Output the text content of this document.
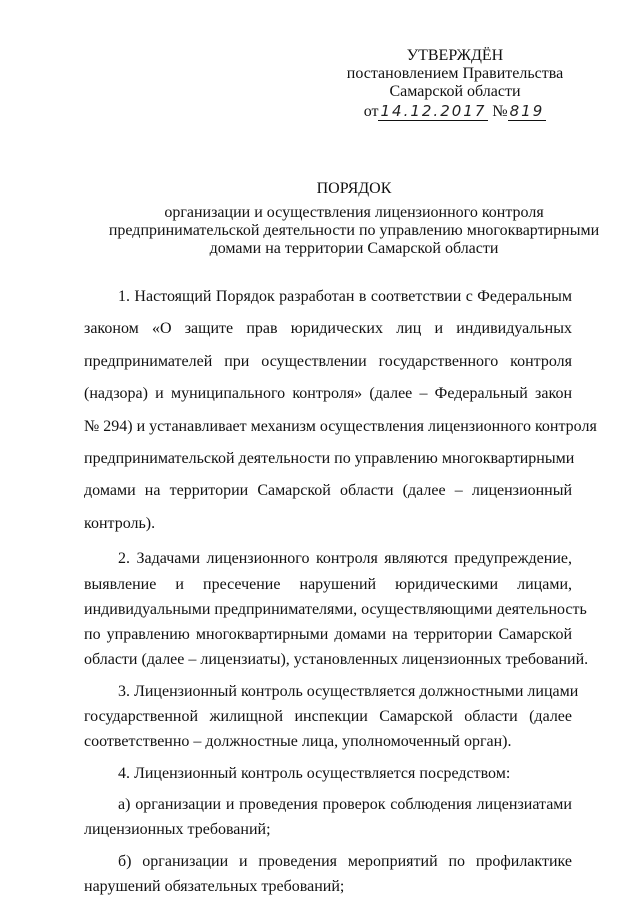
УТВЕРЖДЁН
постановлением Правительства
Самарской области
от 14.12.2017 № 819
ПОРЯДОК
организации и осуществления лицензионного контроля
предпринимательской деятельности по управлению многоквартирными
домами на территории Самарской области
1. Настоящий Порядок разработан в соответствии с Федеральным
законом «О защите прав юридических лиц и индивидуальных
предпринимателей при осуществлении государственного контроля
(надзора) и муниципального контроля» (далее – Федеральный закон
№ 294) и устанавливает механизм осуществления лицензионного контроля
предпринимательской деятельности по управлению многоквартирными
домами на территории Самарской области (далее – лицензионный
контроль).
2. Задачами лицензионного контроля являются предупреждение,
выявление и пресечение нарушений юридическими лицами,
индивидуальными предпринимателями, осуществляющими деятельность
по управлению многоквартирными домами на территории Самарской
области (далее – лицензиаты), установленных лицензионных требований.
3. Лицензионный контроль осуществляется должностными лицами
государственной жилищной инспекции Самарской области (далее
соответственно – должностные лица, уполномоченный орган).
4. Лицензионный контроль осуществляется посредством:
а) организации и проведения проверок соблюдения лицензиатами
лицензионных требований;
б) организации и проведения мероприятий по профилактике
нарушений обязательных требований;
